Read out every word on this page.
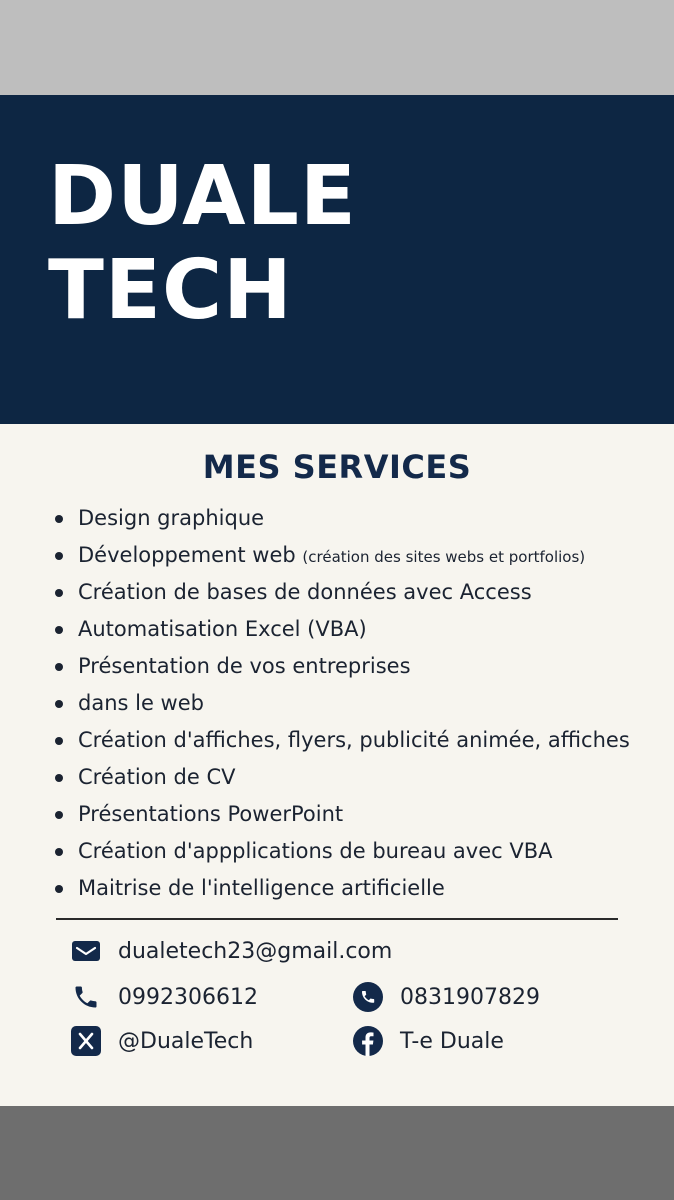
DUALE
TECH
MES SERVICES
Design graphique
Développement web (création des sites webs et portfolios)
Création de bases de données avec Access
Automatisation Excel (VBA)
Présentation de vos entreprises
dans le web
Création d'affiches, flyers, publicité animée, affiches
Création de CV
Présentations PowerPoint
Création d'appplications de bureau avec VBA
Maitrise de l'intelligence artificielle
dualetech23@gmail.com
0992306612	0831907829
@DualeTech	T-e Duale
